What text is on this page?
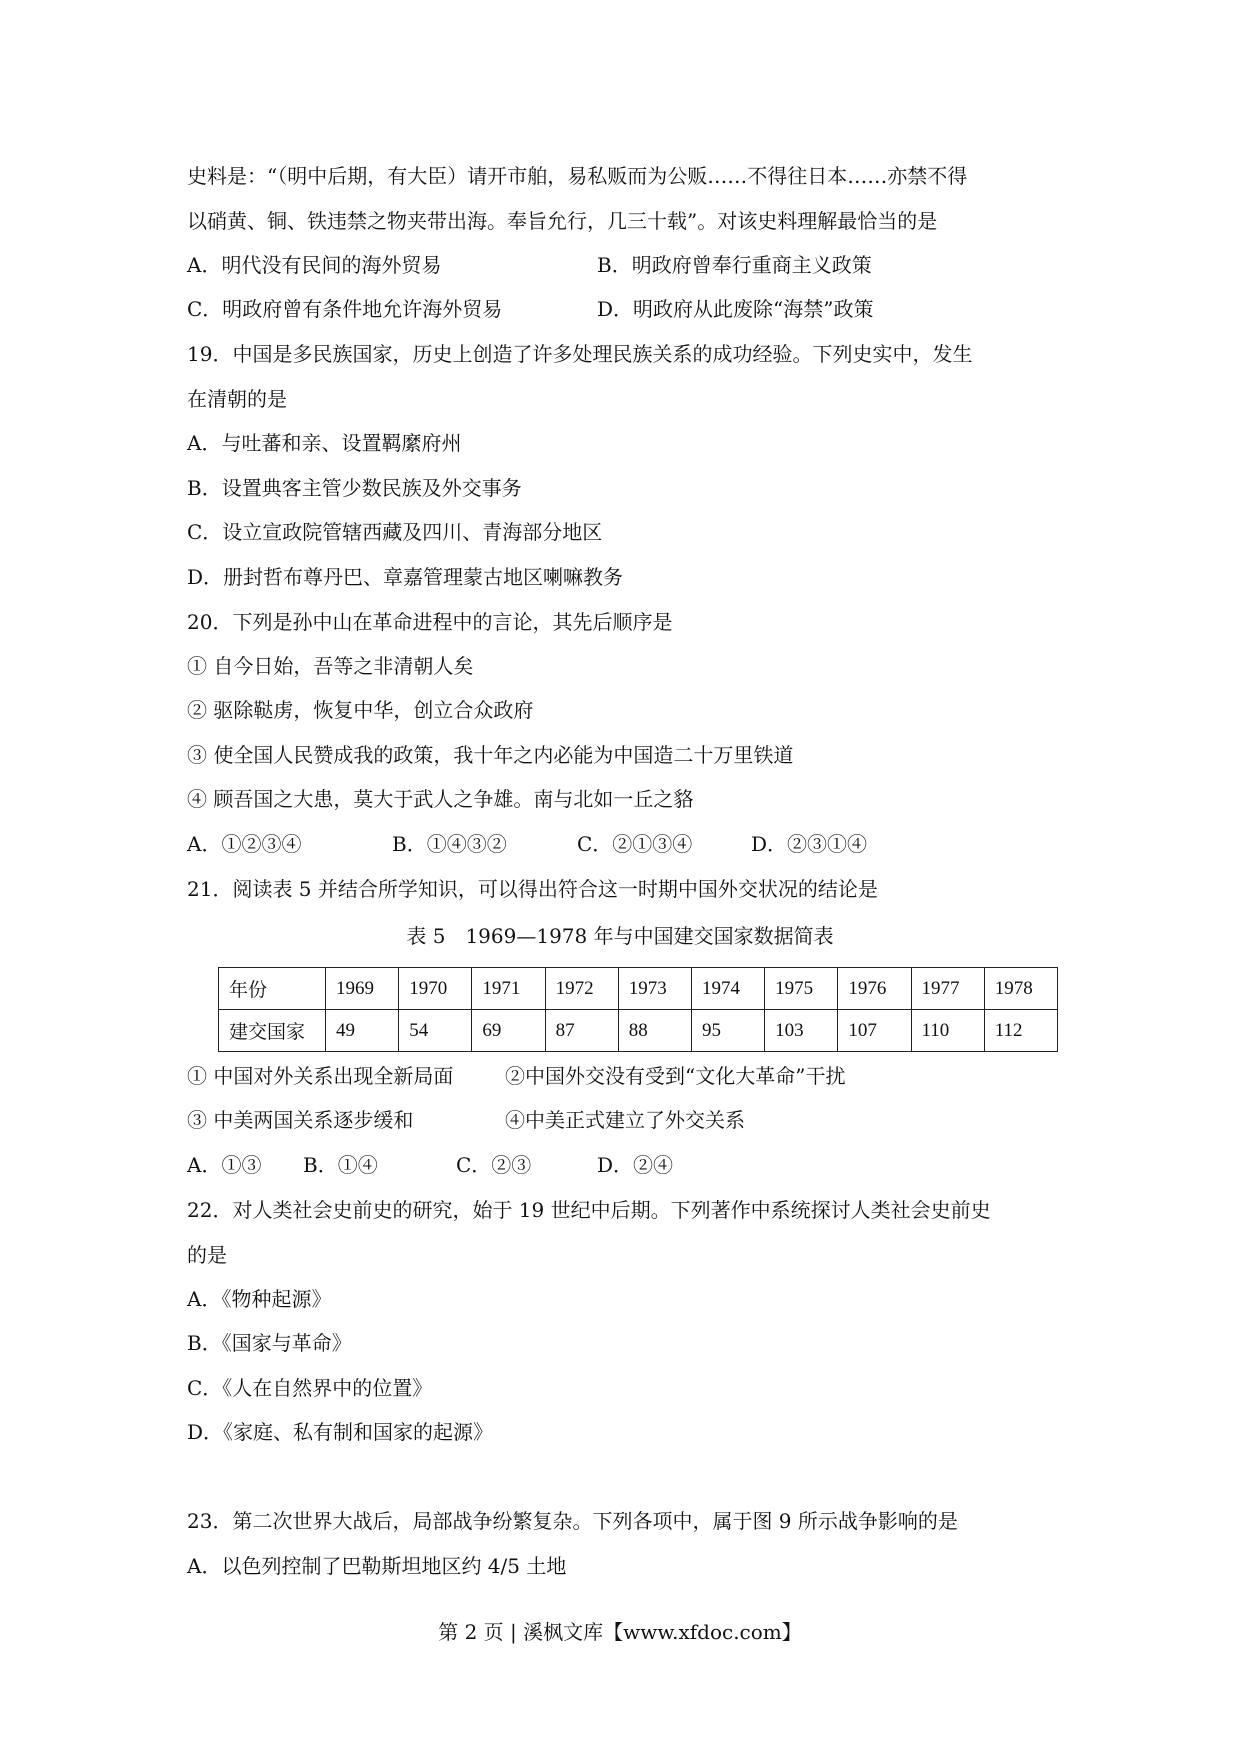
史料是：“（明中后期，有大臣）请开市舶，易私贩而为公贩……不得往日本……亦禁不得
以硝黄、铜、铁违禁之物夹带出海。奉旨允行，几三十载”。对该史料理解最恰当的是
A．明代没有民间的海外贸易	B．明政府曾奉行重商主义政策
C．明政府曾有条件地允许海外贸易	D．明政府从此废除“海禁”政策
19．中国是多民族国家，历史上创造了许多处理民族关系的成功经验。下列史实中，发生
在清朝的是
A．与吐蕃和亲、设置羁縻府州
B．设置典客主管少数民族及外交事务
C．设立宣政院管辖西藏及四川、青海部分地区
D．册封哲布尊丹巴、章嘉管理蒙古地区喇嘛教务
20．下列是孙中山在革命进程中的言论，其先后顺序是
① 自今日始，吾等之非清朝人矣
② 驱除鞑虏，恢复中华，创立合众政府
③ 使全国人民赞成我的政策，我十年之内必能为中国造二十万里铁道
④ 顾吾国之大患，莫大于武人之争雄。南与北如一丘之貉
A．①②③④	B．①④③②	C．②①③④	D．②③①④
21．阅读表 5 并结合所学知识，可以得出符合这一时期中国外交状况的结论是
表 5　1969—1978 年与中国建交国家数据简表
年份	1969	1970	1971	1972	1973	1974	1975	1976	1977	1978
建交国家	49	54	69	87	88	95	103	107	110	112
① 中国对外关系出现全新局面	②中国外交没有受到“文化大革命”干扰
③ 中美两国关系逐步缓和	④中美正式建立了外交关系
A．①③ B．①④	C．②③	D．②④
22．对人类社会史前史的研究，始于 19 世纪中后期。下列著作中系统探讨人类社会史前史
的是
A．《物种起源》
B．《国家与革命》
C．《人在自然界中的位置》
D．《家庭、私有制和国家的起源》
23．第二次世界大战后，局部战争纷繁复杂。下列各项中，属于图 9 所示战争影响的是
A．以色列控制了巴勒斯坦地区约 4/5 土地
第 2 页 | 溪枫文库【www.xfdoc.com】
